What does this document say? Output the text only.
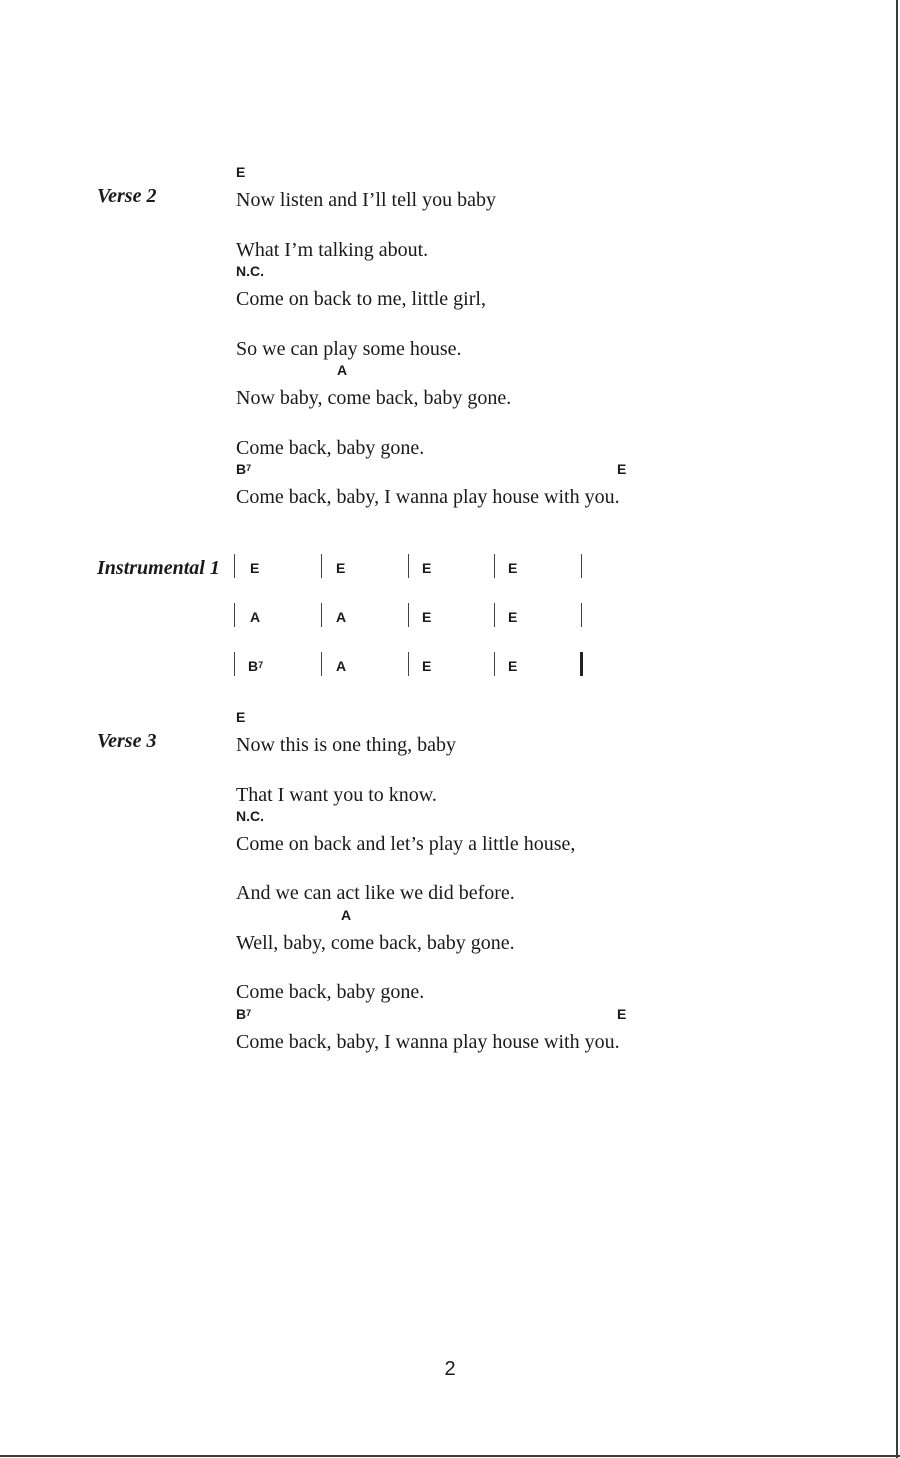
Verse 2
E
Now listen and I’ll tell you baby
What I’m talking about.
N.C.
Come on back to me, little girl,
So we can play some house.
A
Now baby, come back, baby gone.
Come back, baby gone.
$B^7$	E
Come back, baby, I wanna play house with you.
Instrumental 1 E	E	E	E
A	A	E	E
$B^7$	A	E	E
Verse 3
E
Now this is one thing, baby
That I want you to know.
N.C.
Come on back and let’s play a little house,
And we can act like we did before.
A
Well, baby, come back, baby gone.
Come back, baby gone.
$B^7$	E
Come back, baby, I wanna play house with you.
2
